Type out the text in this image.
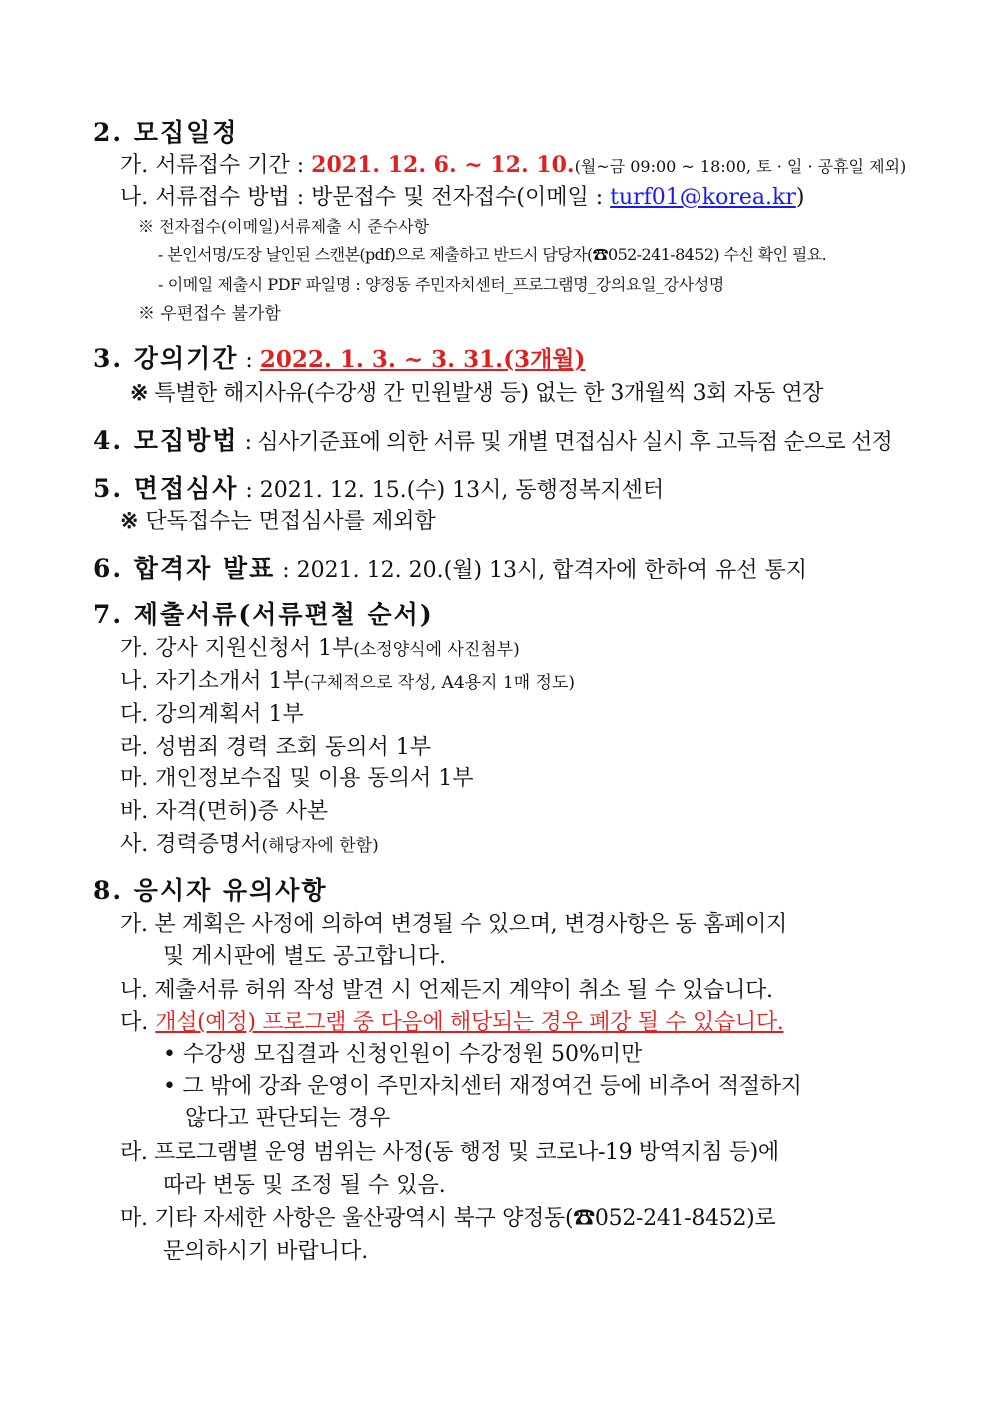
2. 모집일정
가. 서류접수 기간 : 2021. 12. 6. ~ 12. 10.(월~금 09:00 ~ 18:00, 토 · 일 · 공휴일 제외)
나. 서류접수 방법 : 방문접수 및 전자접수(이메일 : turf01@korea.kr)
※ 전자접수(이메일)서류제출 시 준수사항
- 본인서명/도장 날인된 스캔본(pdf)으로 제출하고 반드시 담당자(☎052-241-8452) 수신 확인 필요.
- 이메일 제출시 PDF 파일명 : 양정동 주민자치센터_프로그램명_강의요일_강사성명
※ 우편접수 불가함
3. 강의기간 : 2022. 1. 3. ~ 3. 31.(3개월)
※ 특별한 해지사유(수강생 간 민원발생 등) 없는 한 3개월씩 3회 자동 연장
4. 모집방법 : 심사기준표에 의한 서류 및 개별 면접심사 실시 후 고득점 순으로 선정
5. 면접심사 : 2021. 12. 15.(수) 13시, 동행정복지센터
※ 단독접수는 면접심사를 제외함
6. 합격자 발표 : 2021. 12. 20.(월) 13시, 합격자에 한하여 유선 통지
7. 제출서류(서류편철 순서)
가. 강사 지원신청서 1부(소정양식에 사진첨부)
나. 자기소개서 1부(구체적으로 작성, A4용지 1매 정도)
다. 강의계획서 1부
라. 성범죄 경력 조회 동의서 1부
마. 개인정보수집 및 이용 동의서 1부
바. 자격(면허)증 사본
사. 경력증명서(해당자에 한함)
8. 응시자 유의사항
가. 본 계획은 사정에 의하여 변경될 수 있으며, 변경사항은 동 홈페이지
및 게시판에 별도 공고합니다.
나. 제출서류 허위 작성 발견 시 언제든지 계약이 취소 될 수 있습니다.
다. 개설(예정) 프로그램 중 다음에 해당되는 경우 폐강 될 수 있습니다.
• 수강생 모집결과 신청인원이 수강정원 50%미만
• 그 밖에 강좌 운영이 주민자치센터 재정여건 등에 비추어 적절하지
않다고 판단되는 경우
라. 프로그램별 운영 범위는 사정(동 행정 및 코로나-19 방역지침 등)에
따라 변동 및 조정 될 수 있음.
마. 기타 자세한 사항은 울산광역시 북구 양정동(☎052-241-8452)로
문의하시기 바랍니다.
